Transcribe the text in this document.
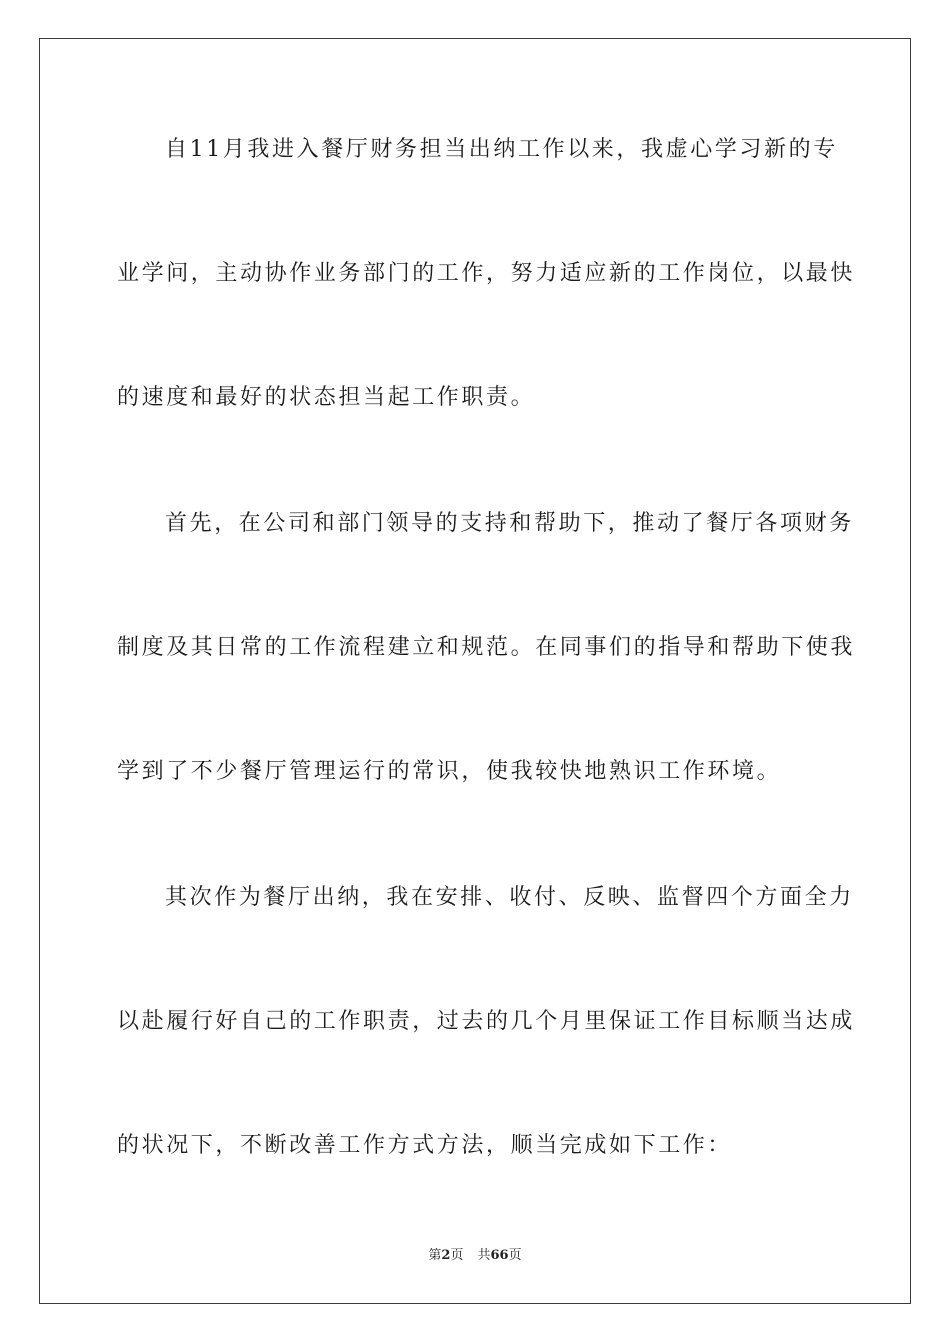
自11月我进入餐厅财务担当出纳工作以来，我虚心学习新的专
业学问，主动协作业务部门的工作，努力适应新的工作岗位，以最快
的速度和最好的状态担当起工作职责。
首先，在公司和部门领导的支持和帮助下，推动了餐厅各项财务
制度及其日常的工作流程建立和规范。在同事们的指导和帮助下使我
学到了不少餐厅管理运行的常识，使我较快地熟识工作环境。
其次作为餐厅出纳，我在安排、收付、反映、监督四个方面全力
以赴履行好自己的工作职责，过去的几个月里保证工作目标顺当达成
的状况下，不断改善工作方式方法，顺当完成如下工作：
第2页 共66页
